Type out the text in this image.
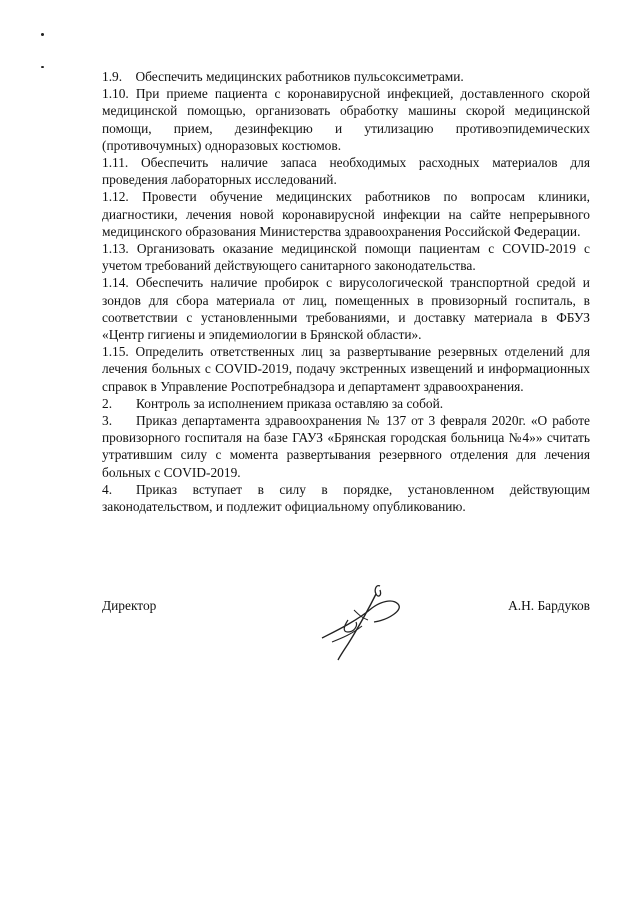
1.9. Обеспечить медицинских работников пульсоксиметрами.

1.10. При приеме пациента с коронавирусной инфекцией, доставленного скорой медицинской помощью, организовать обработку машины скорой медицинской помощи, прием, дезинфекцию и утилизацию противоэпидемических (противочумных) одноразовых костюмов.

1.11. Обеспечить наличие запаса необходимых расходных материалов для проведения лабораторных исследований.

1.12. Провести обучение медицинских работников по вопросам клиники, диагностики, лечения новой коронавирусной инфекции на сайте непрерывного медицинского образования Министерства здравоохранения Российской Федерации.

1.13. Организовать оказание медицинской помощи пациентам с COVID-2019 с учетом требований действующего санитарного законодательства.

1.14. Обеспечить наличие пробирок с вирусологической транспортной средой и зондов для сбора материала от лиц, помещенных в провизорный госпиталь, в соответствии с установленными требованиями, и доставку материала в ФБУЗ «Центр гигиены и эпидемиологии в Брянской области».

1.15. Определить ответственных лиц за развертывание резервных отделений для лечения больных с COVID-2019, подачу экстренных извещений и информационных справок в Управление Роспотребнадзора и департамент здравоохранения.

2. Контроль за исполнением приказа оставляю за собой.

3. Приказ департамента здравоохранения № 137 от 3 февраля 2020г. «О работе провизорного госпиталя на базе ГАУЗ «Брянская городская больница №4»» считать утратившим силу с момента развертывания резервного отделения для лечения больных с COVID-2019.

4. Приказ вступает в силу в порядке, установленном действующим законодательством, и подлежит официальному опубликованию.

Директор	А.Н. Бардуков
